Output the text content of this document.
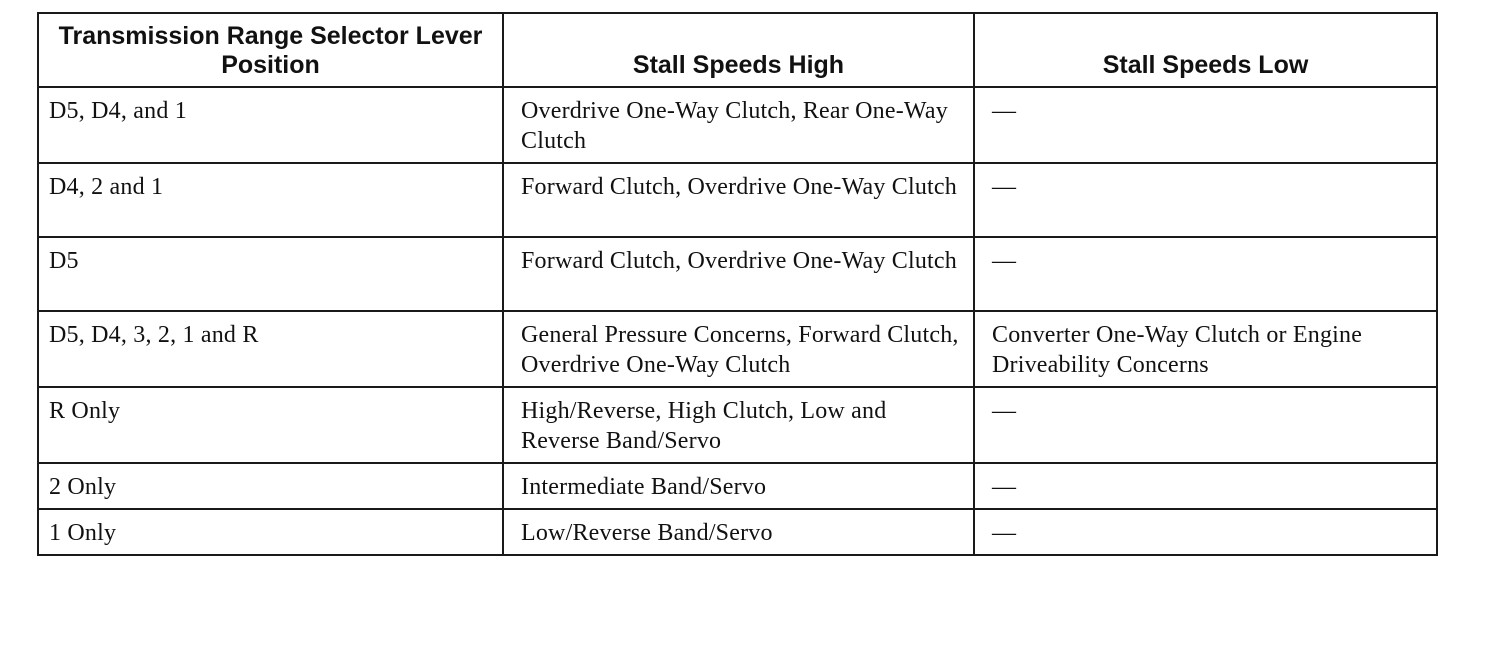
Transmission Range Selector Lever Position	Stall Speeds High	Stall Speeds Low
D5, D4, and 1	Overdrive One-Way Clutch, Rear One-Way Clutch	—
D4, 2 and 1	Forward Clutch, Overdrive One-Way Clutch	—
D5	Forward Clutch, Overdrive One-Way Clutch	—
D5, D4, 3, 2, 1 and R	General Pressure Concerns, Forward Clutch, Overdrive One-Way Clutch	Converter One-Way Clutch or Engine Driveability Concerns
R Only	High/Reverse, High Clutch, Low and Reverse Band/Servo	—
2 Only	Intermediate Band/Servo	—
1 Only	Low/Reverse Band/Servo	—
